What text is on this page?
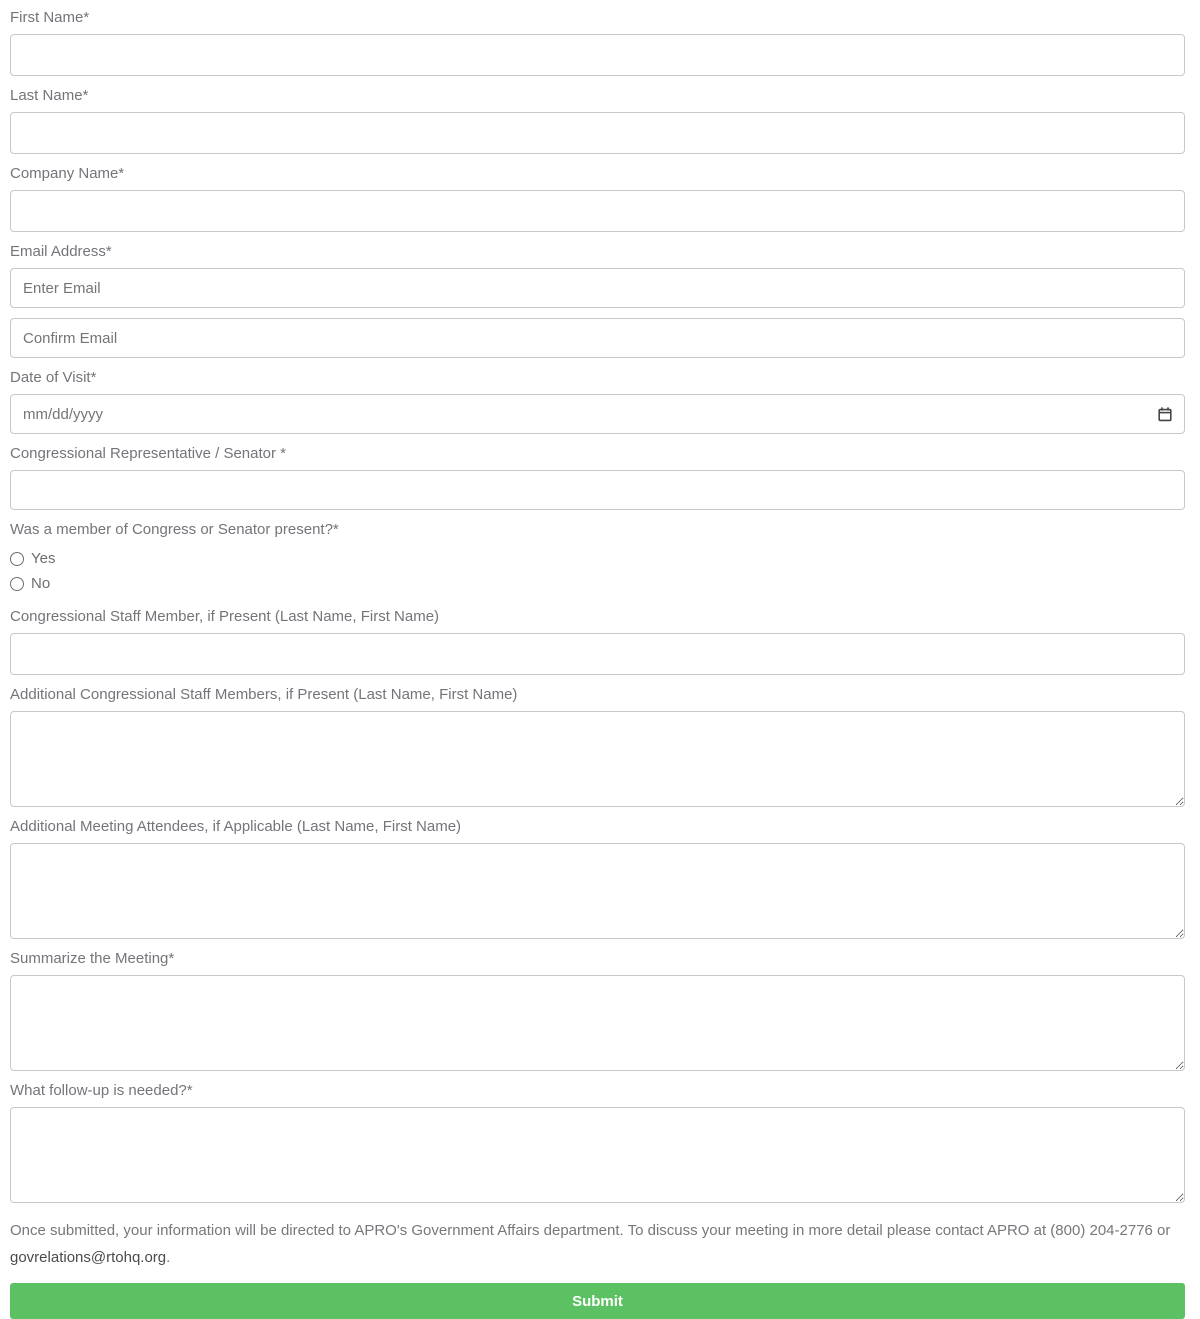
First Name*
Last Name*
Company Name*
Email Address*
Enter Email
Confirm Email
Date of Visit*
mm/dd/yyyy
Congressional Representative / Senator *
Was a member of Congress or Senator present?*
Yes
No
Congressional Staff Member, if Present (Last Name, First Name)
Additional Congressional Staff Members, if Present (Last Name, First Name)
Additional Meeting Attendees, if Applicable (Last Name, First Name)
Summarize the Meeting*
What follow-up is needed?*

Once submitted, your information will be directed to APRO's Government Affairs department. To discuss your meeting in more detail please contact APRO at (800) 204-2776 or govrelations@rtohq.org.

Submit
